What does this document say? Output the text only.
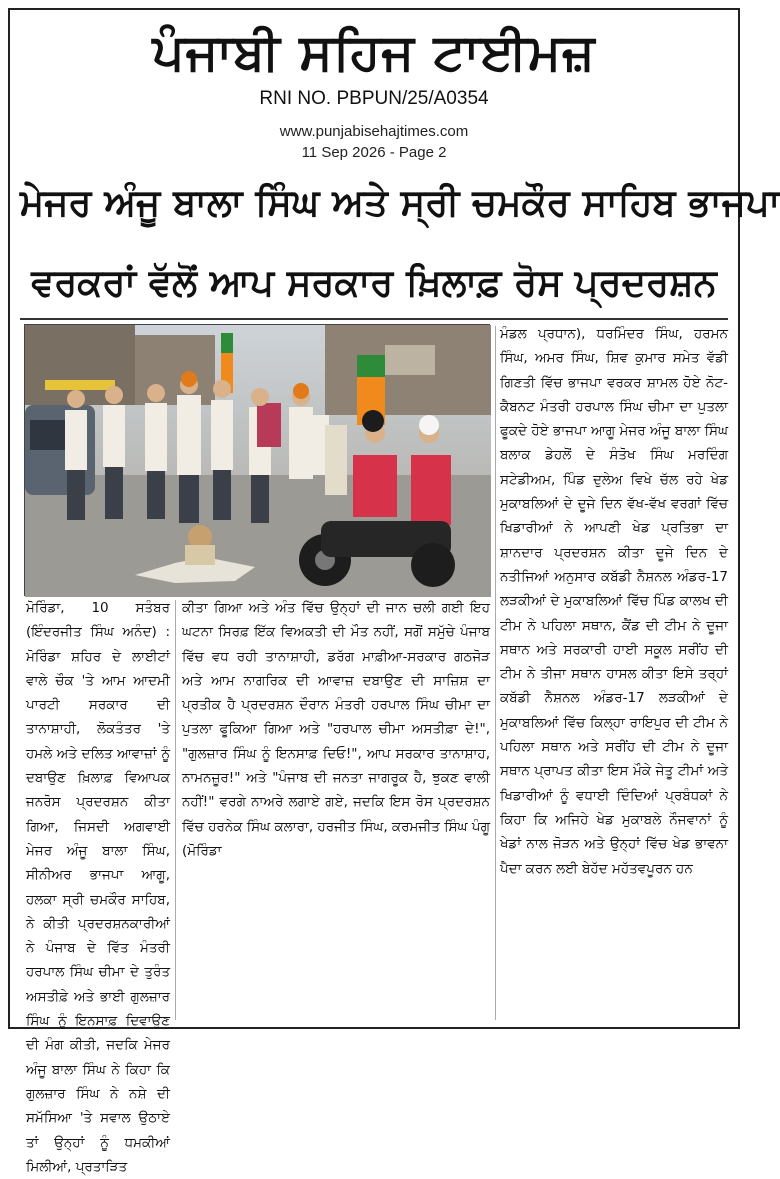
ਪੰਜਾਬੀ ਸਹਿਜ ਟਾਈਮਜ਼
RNI NO. PBPUN/25/A0354
www.punjabisehajtimes.com
11 Sep 2026 - Page 2
ਮੇਜਰ ਅੰਜੂ ਬਾਲਾ ਸਿੰਘ ਅਤੇ ਸ੍ਰੀ ਚਮਕੌਰ ਸਾਹਿਬ ਭਾਜਪਾ
ਵਰਕਰਾਂ ਵੱਲੋਂ ਆਪ ਸਰਕਾਰ ਖ਼ਿਲਾਫ਼ ਰੋਸ ਪ੍ਰਦਰਸ਼ਨ

ਮੋਰਿੰਡਾ, 10 ਸਤੰਬਰ (ਇੰਦਰਜੀਤ ਸਿੰਘ ਅਨੰਦ) : ਮੋਰਿੰਡਾ ਸ਼ਹਿਰ ਦੇ ਲਾਈਟਾਂ ਵਾਲੇ ਚੌਕ 'ਤੇ ਆਮ ਆਦਮੀ ਪਾਰਟੀ ਸਰਕਾਰ ਦੀ ਤਾਨਾਸ਼ਾਹੀ, ਲੋਕਤੰਤਰ 'ਤੇ ਹਮਲੇ ਅਤੇ ਦਲਿਤ ਆਵਾਜ਼ਾਂ ਨੂੰ ਦਬਾਉਣ ਖ਼ਿਲਾਫ਼ ਵਿਆਪਕ ਜਨਰੋਸ ਪ੍ਰਦਰਸ਼ਨ ਕੀਤਾ ਗਿਆ, ਜਿਸਦੀ ਅਗਵਾਈ ਮੇਜਰ ਅੰਜੂ ਬਾਲਾ ਸਿੰਘ, ਸੀਨੀਅਰ ਭਾਜਪਾ ਆਗੂ, ਹਲਕਾ ਸ੍ਰੀ ਚਮਕੌਰ ਸਾਹਿਬ, ਨੇ ਕੀਤੀ ਪ੍ਰਦਰਸ਼ਨਕਾਰੀਆਂ ਨੇ ਪੰਜਾਬ ਦੇ ਵਿੱਤ ਮੰਤਰੀ ਹਰਪਾਲ ਸਿੰਘ ਚੀਮਾ ਦੇ ਤੁਰੰਤ ਅਸਤੀਫ਼ੇ ਅਤੇ ਭਾਈ ਗੁਲਜ਼ਾਰ ਸਿੰਘ ਨੂੰ ਇਨਸਾਫ਼ ਦਿਵਾਉਣ ਦੀ ਮੰਗ ਕੀਤੀ, ਜਦਕਿ ਮੇਜਰ ਅੰਜੂ ਬਾਲਾ ਸਿੰਘ ਨੇ ਕਿਹਾ ਕਿ ਗੁਲਜ਼ਾਰ ਸਿੰਘ ਨੇ ਨਸ਼ੇ ਦੀ ਸਮੱਸਿਆ 'ਤੇ ਸਵਾਲ ਉਠਾਏ ਤਾਂ ਉਨ੍ਹਾਂ ਨੂੰ ਧਮਕੀਆਂ ਮਿਲੀਆਂ, ਪ੍ਰਤਾੜਿਤ

ਕੀਤਾ ਗਿਆ ਅਤੇ ਅੰਤ ਵਿੱਚ ਉਨ੍ਹਾਂ ਦੀ ਜਾਨ ਚਲੀ ਗਈ ਇਹ ਘਟਨਾ ਸਿਰਫ਼ ਇੱਕ ਵਿਅਕਤੀ ਦੀ ਮੌਤ ਨਹੀਂ, ਸਗੋਂ ਸਮੁੱਚੇ ਪੰਜਾਬ ਵਿੱਚ ਵਧ ਰਹੀ ਤਾਨਾਸ਼ਾਹੀ, ਡਰੱਗ ਮਾਫ਼ੀਆ-ਸਰਕਾਰ ਗਠਜੋੜ ਅਤੇ ਆਮ ਨਾਗਰਿਕ ਦੀ ਆਵਾਜ਼ ਦਬਾਉਣ ਦੀ ਸਾਜ਼ਿਸ਼ ਦਾ ਪ੍ਰਤੀਕ ਹੈ ਪ੍ਰਦਰਸ਼ਨ ਦੌਰਾਨ ਮੰਤਰੀ ਹਰਪਾਲ ਸਿੰਘ ਚੀਮਾ ਦਾ ਪੁਤਲਾ ਫੂਕਿਆ ਗਿਆ ਅਤੇ "ਹਰਪਾਲ ਚੀਮਾ ਅਸਤੀਫ਼ਾ ਦੇ!", "ਗੁਲਜ਼ਾਰ ਸਿੰਘ ਨੂੰ ਇਨਸਾਫ਼ ਦਿਓ!", ਆਪ ਸਰਕਾਰ ਤਾਨਾਸ਼ਾਹ, ਨਾਮਨਜ਼ੂਰ!" ਅਤੇ "ਪੰਜਾਬ ਦੀ ਜਨਤਾ ਜਾਗਰੂਕ ਹੈ, ਝੁਕਣ ਵਾਲੀ ਨਹੀਂ!" ਵਰਗੇ ਨਾਅਰੇ ਲਗਾਏ ਗਏ, ਜਦਕਿ ਇਸ ਰੋਸ ਪ੍ਰਦਰਸ਼ਨ ਵਿੱਚ ਹਰਨੇਕ ਸਿੰਘ ਕਲਾਰਾ, ਹਰਜੀਤ ਸਿੰਘ, ਕਰਮਜੀਤ ਸਿੰਘ ਪੰਗੂ (ਮੋਰਿੰਡਾ

ਮੰਡਲ ਪ੍ਰਧਾਨ), ਧਰਮਿੰਦਰ ਸਿੰਘ, ਹਰਮਨ ਸਿੰਘ, ਅਮਰ ਸਿੰਘ, ਸ਼ਿਵ ਕੁਮਾਰ ਸਮੇਤ ਵੱਡੀ ਗਿਣਤੀ ਵਿੱਚ ਭਾਜਪਾ ਵਰਕਰ ਸ਼ਾਮਲ ਹੋਏ ਨੋਟ- ਕੈਬਨਟ ਮੰਤਰੀ ਹਰਪਾਲ ਸਿੰਘ ਚੀਮਾ ਦਾ ਪੁਤਲਾ ਫੂਕਦੇ ਹੋਏ ਭਾਜਪਾ ਆਗੂ ਮੇਜਰ ਅੰਜੂ ਬਾਲਾ ਸਿੰਘ ਬਲਾਕ ਡੇਹਲੋਂ ਦੇ ਸੰਤੋਖ ਸਿੰਘ ਮਰਦਿੰਗ ਸਟੇਡੀਅਮ, ਪਿੰਡ ਦੁਲੇਅ ਵਿਖੇ ਚੱਲ ਰਹੇ ਖੇਡ ਮੁਕਾਬਲਿਆਂ ਦੇ ਦੂਜੇ ਦਿਨ ਵੱਖ-ਵੱਖ ਵਰਗਾਂ ਵਿੱਚ ਖਿਡਾਰੀਆਂ ਨੇ ਆਪਣੀ ਖੇਡ ਪ੍ਰਤਿਭਾ ਦਾ ਸ਼ਾਨਦਾਰ ਪ੍ਰਦਰਸ਼ਨ ਕੀਤਾ ਦੂਜੇ ਦਿਨ ਦੇ ਨਤੀਜਿਆਂ ਅਨੁਸਾਰ ਕਬੱਡੀ ਨੈਸ਼ਨਲ ਅੰਡਰ-17 ਲੜਕੀਆਂ ਦੇ ਮੁਕਾਬਲਿਆਂ ਵਿੱਚ ਪਿੰਡ ਕਾਲਖ ਦੀ ਟੀਮ ਨੇ ਪਹਿਲਾ ਸਥਾਨ, ਕੈਂਡ ਦੀ ਟੀਮ ਨੇ ਦੂਜਾ ਸਥਾਨ ਅਤੇ ਸਰਕਾਰੀ ਹਾਈ ਸਕੂਲ ਸਰੀਂਹ ਦੀ ਟੀਮ ਨੇ ਤੀਜਾ ਸਥਾਨ ਹਾਸਲ ਕੀਤਾ ਇਸੇ ਤਰ੍ਹਾਂ ਕਬੱਡੀ ਨੈਸ਼ਨਲ ਅੰਡਰ-17 ਲੜਕੀਆਂ ਦੇ ਮੁਕਾਬਲਿਆਂ ਵਿੱਚ ਕਿਲ੍ਹਾ ਰਾਇਪੁਰ ਦੀ ਟੀਮ ਨੇ ਪਹਿਲਾ ਸਥਾਨ ਅਤੇ ਸਰੀਂਹ ਦੀ ਟੀਮ ਨੇ ਦੂਜਾ ਸਥਾਨ ਪ੍ਰਾਪਤ ਕੀਤਾ ਇਸ ਮੌਕੇ ਜੇਤੂ ਟੀਮਾਂ ਅਤੇ ਖਿਡਾਰੀਆਂ ਨੂੰ ਵਧਾਈ ਦਿੰਦਿਆਂ ਪ੍ਰਬੰਧਕਾਂ ਨੇ ਕਿਹਾ ਕਿ ਅਜਿਹੇ ਖੇਡ ਮੁਕਾਬਲੇ ਨੌਜਵਾਨਾਂ ਨੂੰ ਖੇਡਾਂ ਨਾਲ ਜੋੜਨ ਅਤੇ ਉਨ੍ਹਾਂ ਵਿੱਚ ਖੇਡ ਭਾਵਨਾ ਪੈਦਾ ਕਰਨ ਲਈ ਬੇਹੱਦ ਮਹੱਤਵਪੂਰਨ ਹਨ
